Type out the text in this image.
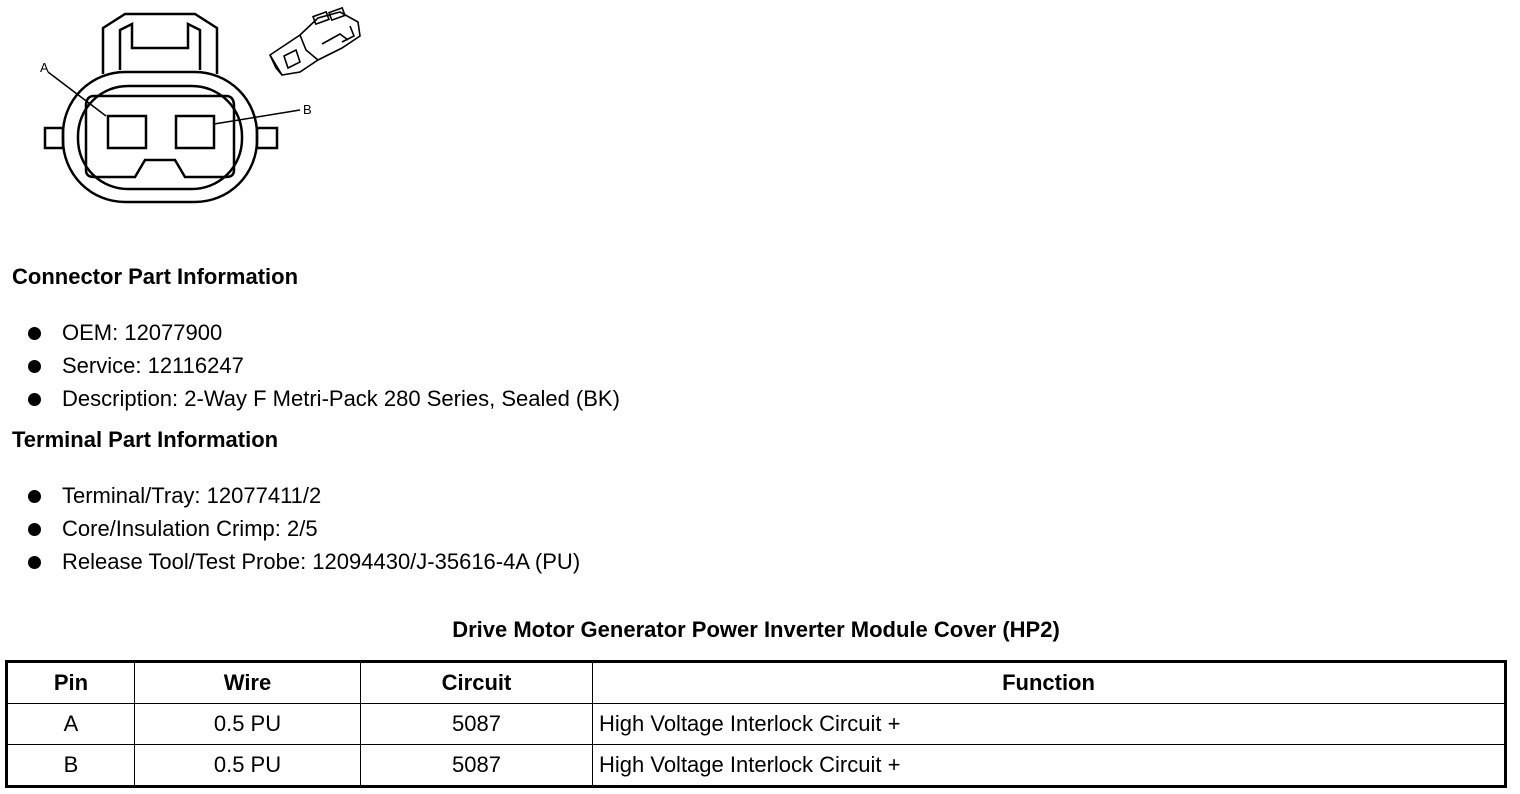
A
B
Connector Part Information
OEM: 12077900
Service: 12116247
Description: 2-Way F Metri-Pack 280 Series, Sealed (BK)
Terminal Part Information
Terminal/Tray: 12077411/2
Core/Insulation Crimp: 2/5
Release Tool/Test Probe: 12094430/J-35616-4A (PU)
Drive Motor Generator Power Inverter Module Cover (HP2)
Pin	Wire	Circuit	Function
A	0.5 PU	5087	High Voltage Interlock Circuit +
B	0.5 PU	5087	High Voltage Interlock Circuit +
